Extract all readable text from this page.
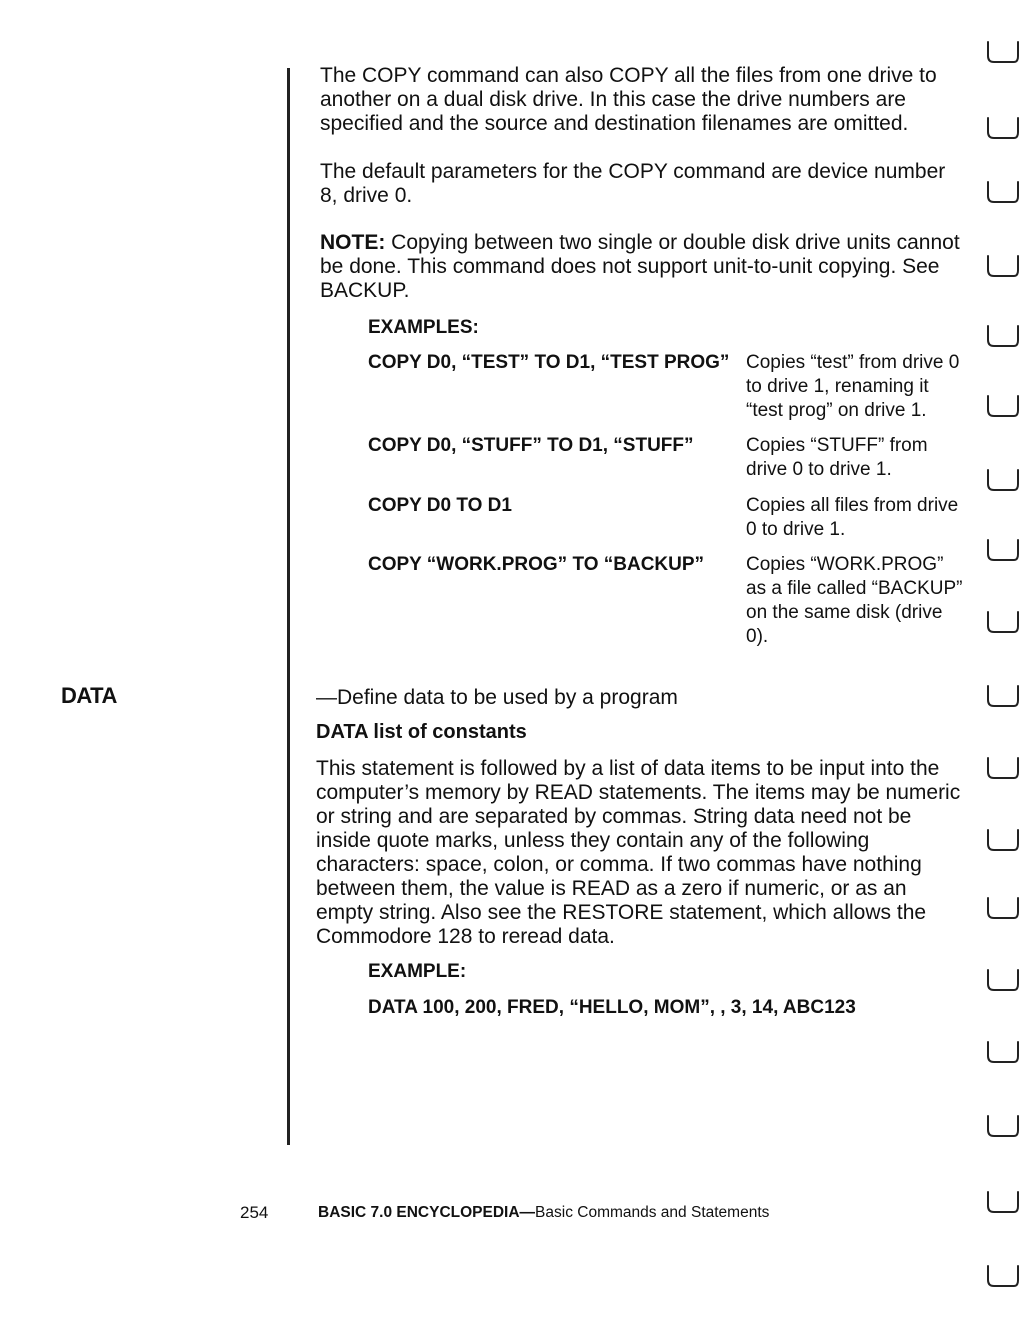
DATA
The COPY command can also COPY all the files from one drive to another on a dual disk drive. In this case the drive numbers are specified and the source and destination filenames are omitted.
The default parameters for the COPY command are device number 8, drive 0.
NOTE: Copying between two single or double disk drive units cannot be done. This command does not support unit-to-unit copying. See BACKUP.
EXAMPLES:
COPY D0, “TEST” TO D1, “TEST PROG” Copies “test” from drive 0 to drive 1, renaming it “test prog” on drive 1.
COPY D0, “STUFF” TO D1, “STUFF”	Copies “STUFF” from drive 0 to drive 1.
COPY D0 TO D1	Copies all files from drive 0 to drive 1.
COPY “WORK.PROG” TO “BACKUP” Copies “WORK.PROG” as a file called “BACKUP” on the same disk (drive 0).
—Define data to be used by a program
DATA list of constants
This statement is followed by a list of data items to be input into the computer’s memory by READ statements. The items may be numeric or string and are separated by commas. String data need not be inside quote marks, unless they contain any of the following characters: space, colon, or comma. If two commas have nothing between them, the value is READ as a zero if numeric, or as an empty string. Also see the RESTORE statement, which allows the Commodore 128 to reread data.
EXAMPLE:
DATA 100, 200, FRED, “HELLO, MOM”, , 3, 14, ABC123
254	BASIC 7.0 ENCYCLOPEDIA—Basic Commands and Statements
